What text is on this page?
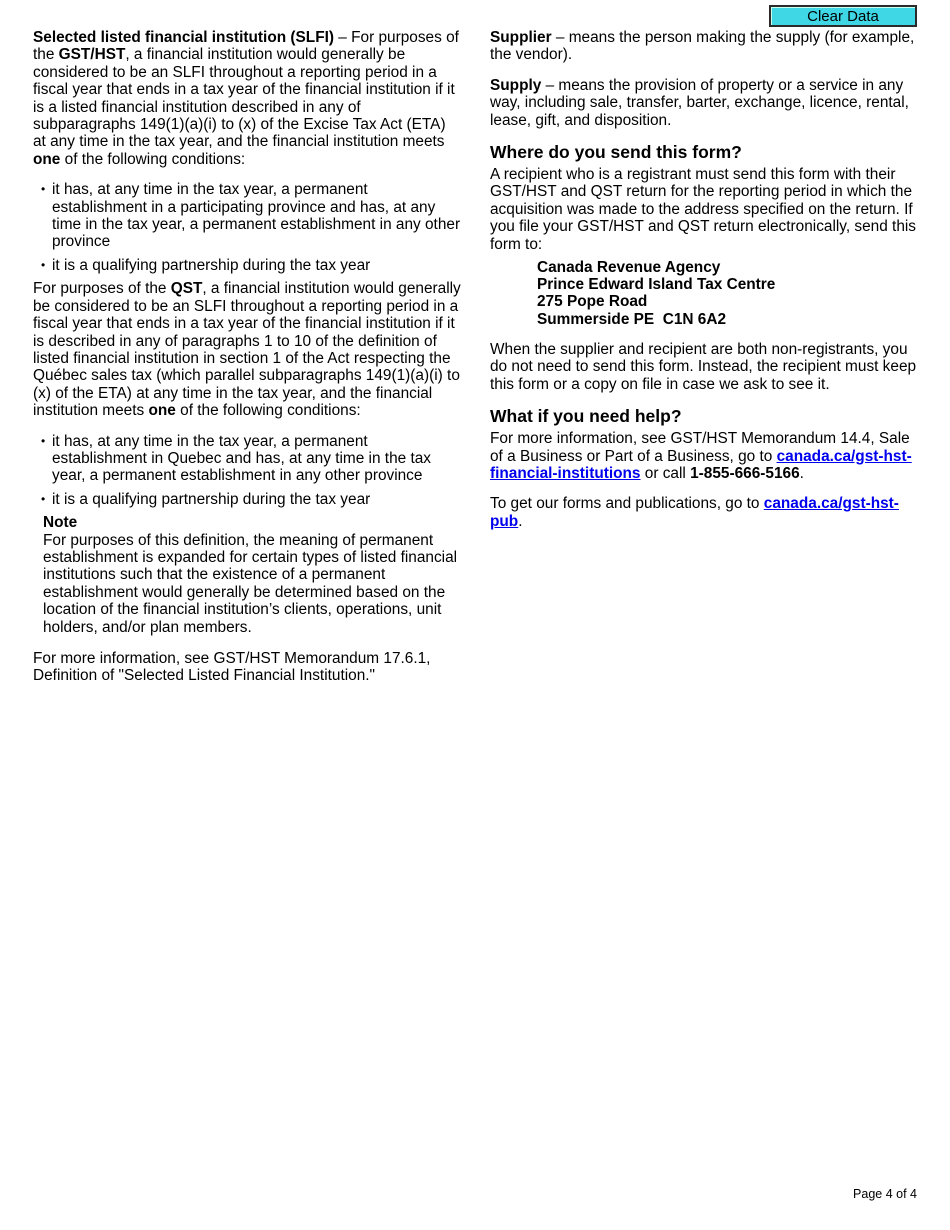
Clear Data

Selected listed financial institution (SLFI) – For purposes of the GST/HST, a financial institution would generally be considered to be an SLFI throughout a reporting period in a fiscal year that ends in a tax year of the financial institution if it is a listed financial institution described in any of subparagraphs 149(1)(a)(i) to (x) of the Excise Tax Act (ETA) at any time in the tax year, and the financial institution meets one of the following conditions:

• it has, at any time in the tax year, a permanent establishment in a participating province and has, at any time in the tax year, a permanent establishment in any other province
• it is a qualifying partnership during the tax year

For purposes of the QST, a financial institution would generally be considered to be an SLFI throughout a reporting period in a fiscal year that ends in a tax year of the financial institution if it is described in any of paragraphs 1 to 10 of the definition of listed financial institution in section 1 of the Act respecting the Québec sales tax (which parallel subparagraphs 149(1)(a)(i) to (x) of the ETA) at any time in the tax year, and the financial institution meets one of the following conditions:

• it has, at any time in the tax year, a permanent establishment in Quebec and has, at any time in the tax year, a permanent establishment in any other province
• it is a qualifying partnership during the tax year

Note

For purposes of this definition, the meaning of permanent establishment is expanded for certain types of listed financial institutions such that the existence of a permanent establishment would generally be determined based on the location of the financial institution’s clients, operations, unit holders, and/or plan members.

For more information, see GST/HST Memorandum 17.6.1, Definition of "Selected Listed Financial Institution."

Supplier – means the person making the supply (for example, the vendor).

Supply – means the provision of property or a service in any way, including sale, transfer, barter, exchange, licence, rental, lease, gift, and disposition.

Where do you send this form?

A recipient who is a registrant must send this form with their GST/HST and QST return for the reporting period in which the acquisition was made to the address specified on the return. If you file your GST/HST and QST return electronically, send this form to:

Canada Revenue Agency
Prince Edward Island Tax Centre
275 Pope Road
Summerside PE  C1N 6A2

When the supplier and recipient are both non-registrants, you do not need to send this form. Instead, the recipient must keep this form or a copy on file in case we ask to see it.

What if you need help?

For more information, see GST/HST Memorandum 14.4, Sale of a Business or Part of a Business, go to canada.ca/gst-hst-financial-institutions or call 1-855-666-5166.

To get our forms and publications, go to canada.ca/gst-hst-pub.

Page 4 of 4
